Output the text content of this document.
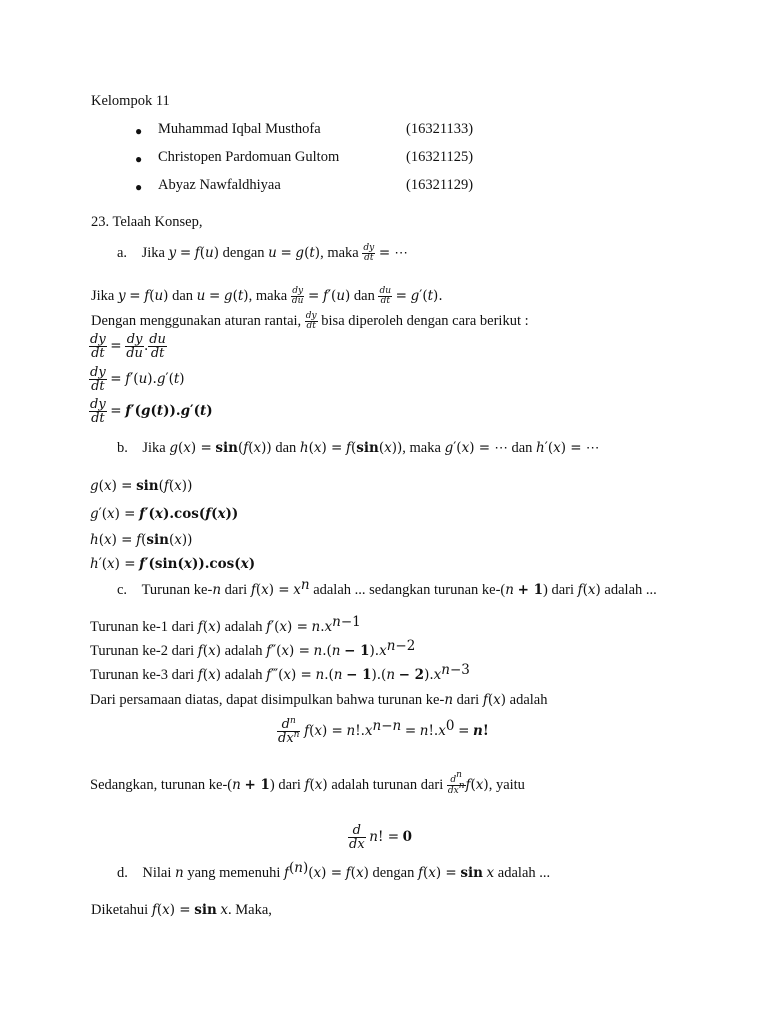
Kelompok 11
● Muhammad Iqbal Musthofa	(16321133)
● Christopen Pardomuan Gultom	(16321125)
● Abyaz Nawfaldhiyaa	(16321129)
23. Telaah Konsep,
a. Jika y = f(u) dengan u = g(t), maka $\frac{dy}{dt}$ = ⋯
Jika y = f(u) dan u = g(t), maka $\frac{dy}{du} = f'(u)$ dan $\frac{du}{dt} = g'(t)$.
Dengan menggunakan aturan rantai, $\frac{dy}{dt}$ bisa diperoleh dengan cara berikut :
$\frac{dy}{dt} = \frac{dy}{du}$ . $\frac{du}{dt}$
$\frac{dy}{dt} = f'(u).g'(t)$
$\frac{dy}{dt} = f'(g(t)).g'(t)$
b. Jika g(x) = sin(f(x)) dan h(x) = f(sin(x)), maka g′(x) = ⋯ dan h′(x) = ⋯
g(x) = sin(f(x))
g′(x) = f′(x).cos(f(x))
h(x) = f(sin(x))
h′(x) = f′(sin(x)).cos(x)
c. Turunan ke-n dari $f(x) = x^n$ adalah ... sedangkan turunan ke-(n + 1) dari f(x) adalah ...
Turunan ke-1 dari f(x) adalah $f'(x) = n.x^{n-1}$
Turunan ke-2 dari f(x) adalah $f''(x) = n.(n - 1).x^{n-2}$
Turunan ke-3 dari f(x) adalah f‴(x) = $n.(n - 1).(n - 2).x^{n-3}$
Dari persamaan diatas, dapat disimpulkan bahwa turunan ke-n dari f(x) adalah
$\frac{d^n}{dx^n} f(x) = n!.x^{n-n} = n!.x^0 = n$!
Sedangkan, turunan ke-(n + 1) dari f(x) adalah turunan dari $\frac{d^n}{dx^n} f(x)$, yaitu
$\frac{d}{dx} n$! = 0
d. Nilai n yang memenuhi $f^{(n)}(x) = f(x)$ dengan f(x) = sin x adalah ...
Diketahui f(x) = sin x. Maka,
